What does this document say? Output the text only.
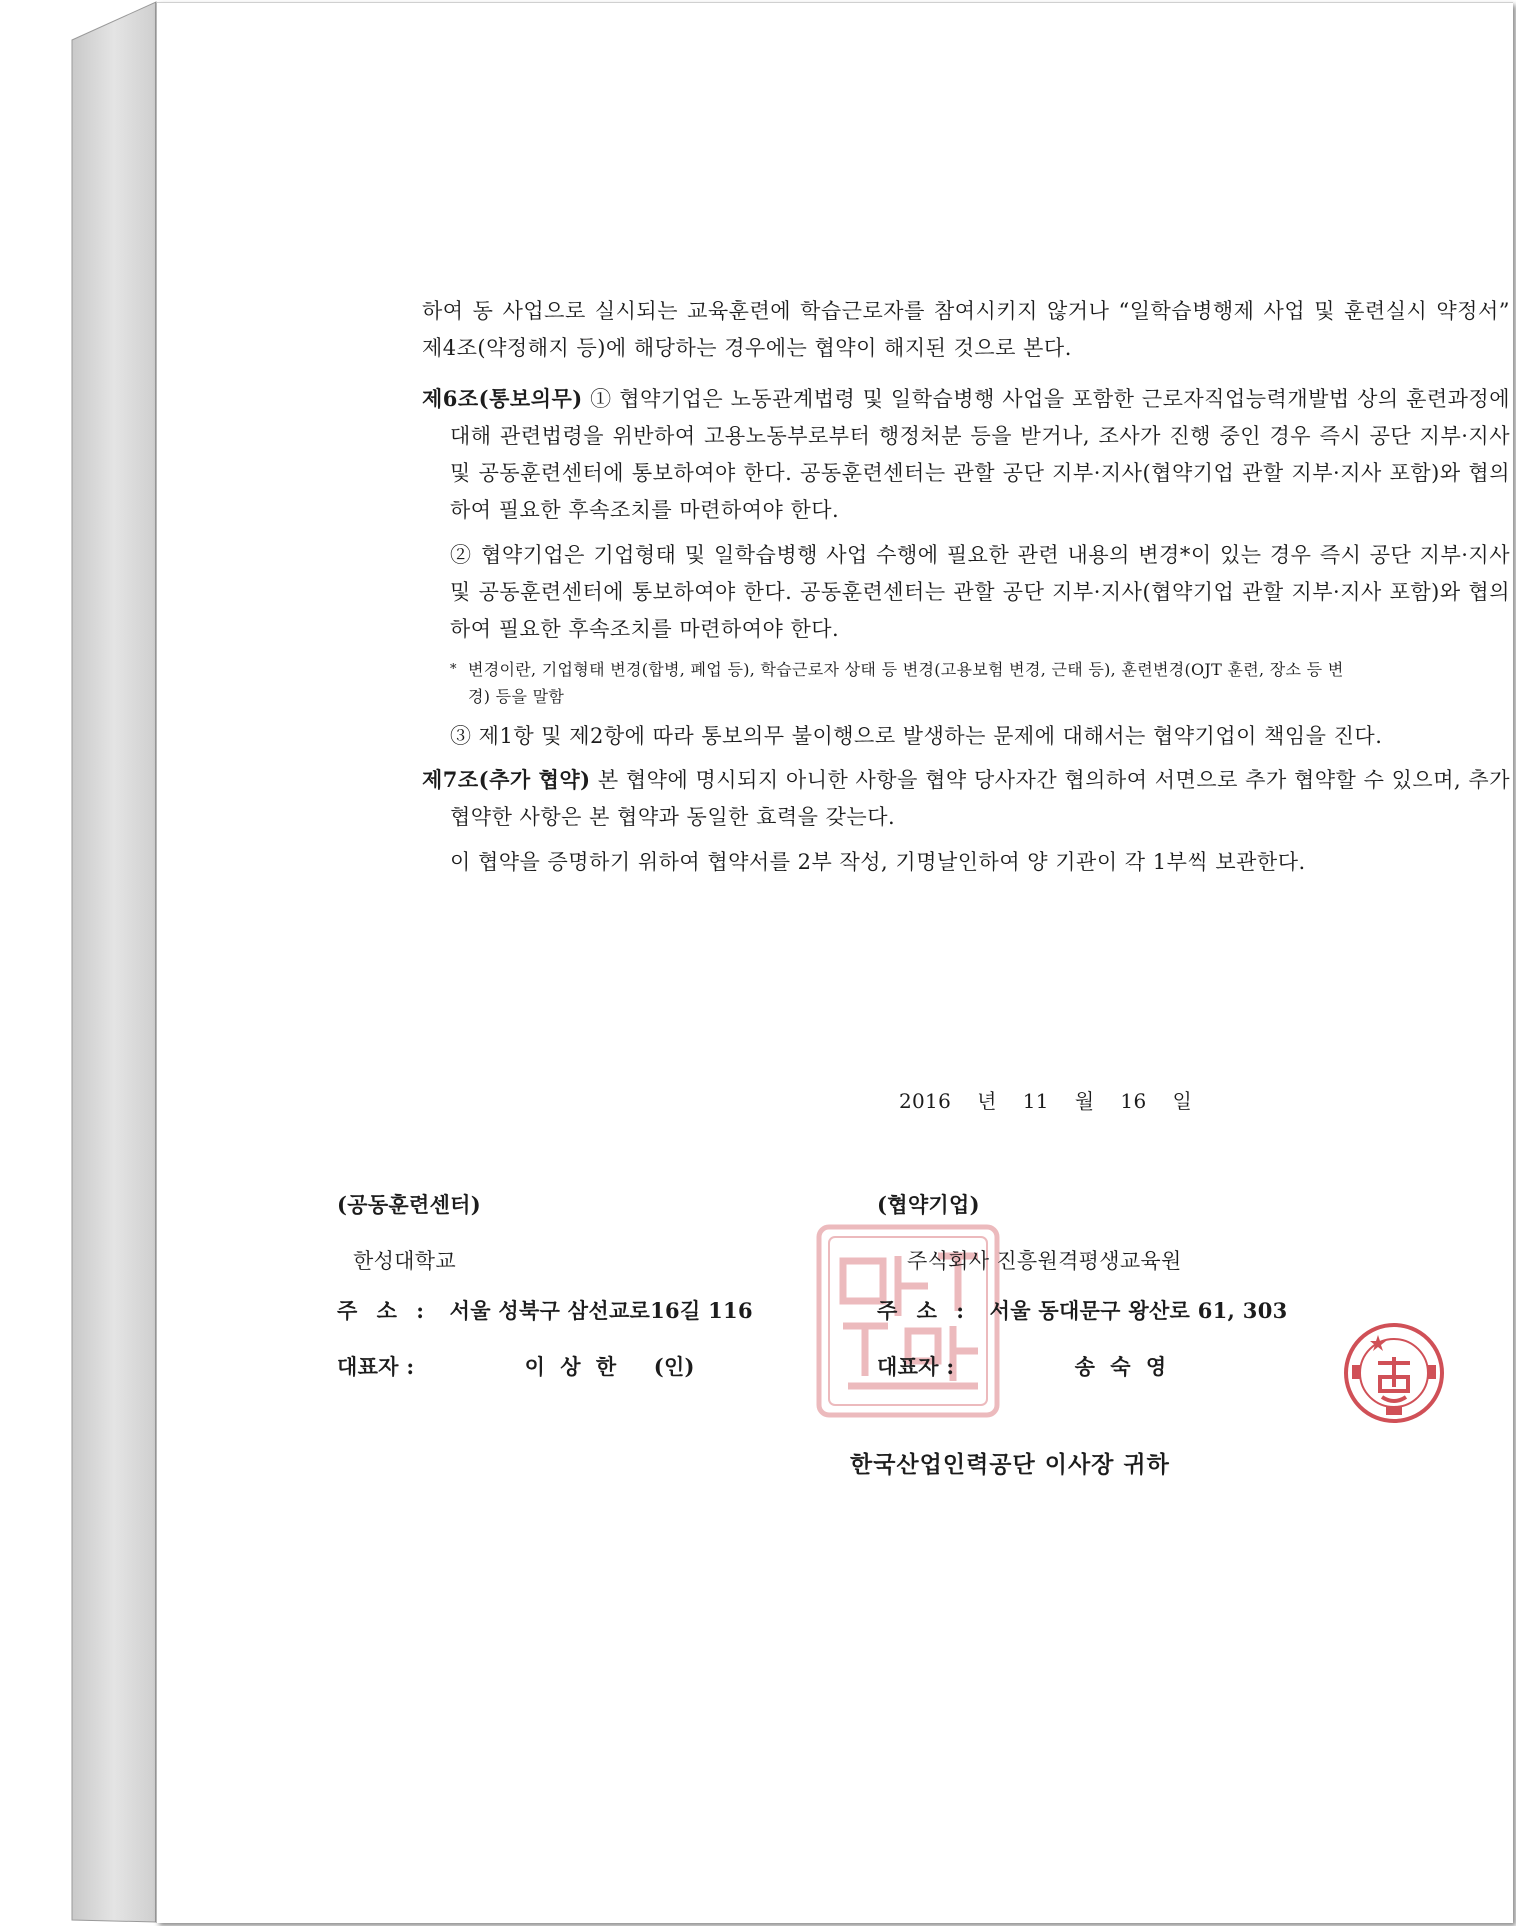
하여 동 사업으로 실시되는 교육훈련에 학습근로자를 참여시키지 않거나 “일학습병행제 사업 및 훈련실시 약정서” 제4조(약정해지 등)에 해당하는 경우에는 협약이 해지된 것으로 본다.
제6조(통보의무) ① 협약기업은 노동관계법령 및 일학습병행 사업을 포함한 근로자직업능력개발법 상의 훈련과정에 대해 관련법령을 위반하여 고용노동부로부터 행정처분 등을 받거나, 조사가 진행 중인 경우 즉시 공단 지부·지사 및 공동훈련센터에 통보하여야 한다. 공동훈련센터는 관할 공단 지부·지사(협약기업 관할 지부·지사 포함)와 협의하여 필요한 후속조치를 마련하여야 한다.
② 협약기업은 기업형태 및 일학습병행 사업 수행에 필요한 관련 내용의 변경*이 있는 경우 즉시 공단 지부·지사 및 공동훈련센터에 통보하여야 한다. 공동훈련센터는 관할 공단 지부·지사(협약기업 관할 지부·지사 포함)와 협의하여 필요한 후속조치를 마련하여야 한다.
* 변경이란, 기업형태 변경(합병, 폐업 등), 학습근로자 상태 등 변경(고용보험 변경, 근태 등), 훈련변경(OJT 훈련, 장소 등 변경) 등을 말함
③ 제1항 및 제2항에 따라 통보의무 불이행으로 발생하는 문제에 대해서는 협약기업이 책임을 진다.
제7조(추가 협약) 본 협약에 명시되지 아니한 사항을 협약 당사자간 협의하여 서면으로 추가 협약할 수 있으며, 추가 협약한 사항은 본 협약과 동일한 효력을 갖는다.
이 협약을 증명하기 위하여 협약서를 2부 작성, 기명날인하여 양 기관이 각 1부씩 보관한다.
2016 년 11 월 16 일
(공동훈련센터)
한성대학교
주 소 : 서울 성북구 삼선교로16길 116
대표자 :	이 상 한 (인)
(협약기업)
주식회사 진흥원격평생교육원
주 소 : 서울 동대문구 왕산로 61, 303
대표자 :	송 숙 영
한국산업인력공단 이사장 귀하
